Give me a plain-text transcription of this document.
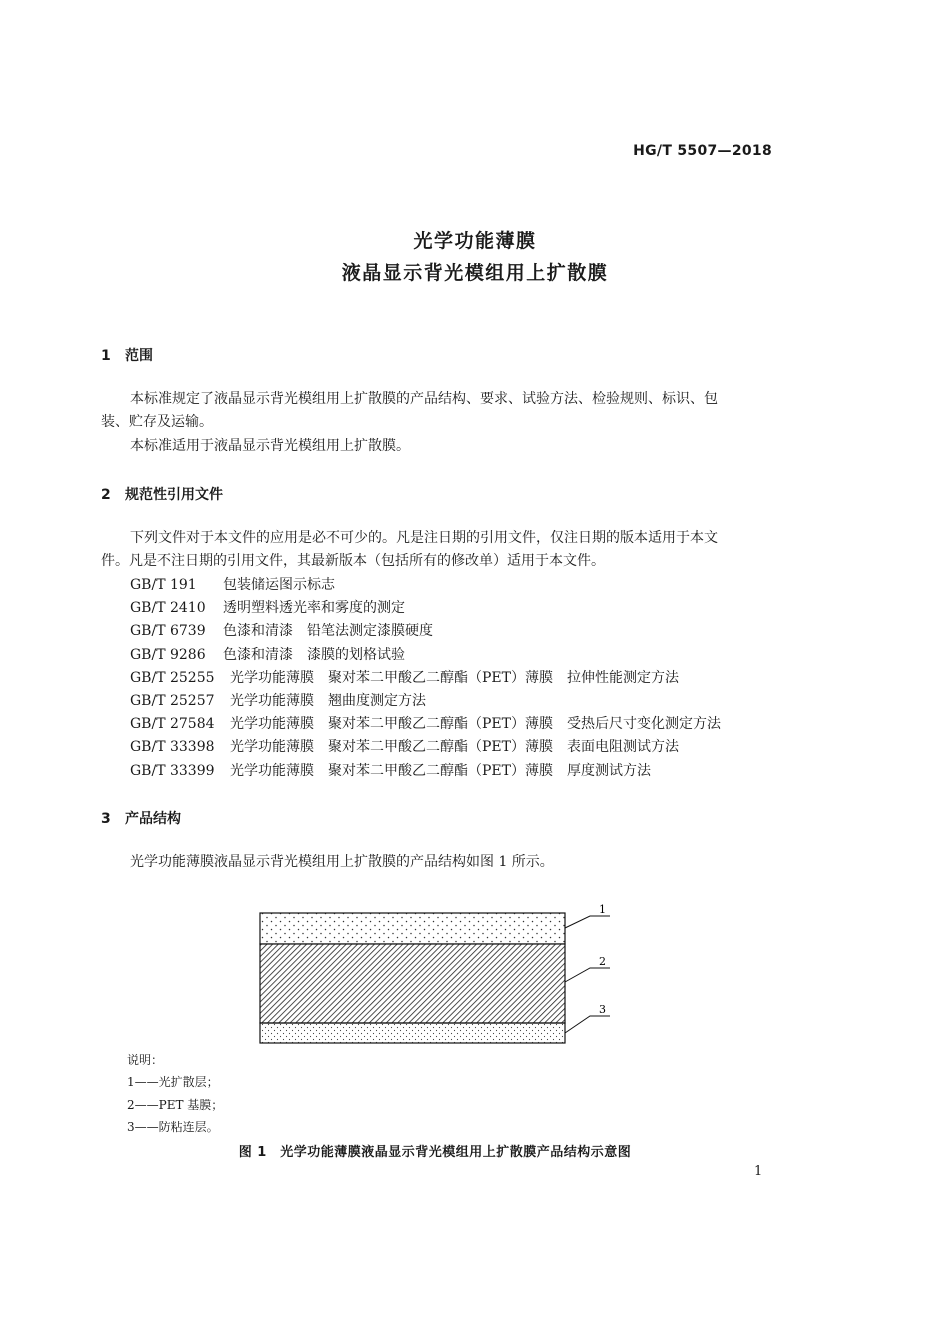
HG/T 5507—2018
光学功能薄膜
液晶显示背光模组用上扩散膜
1 范围
本标准规定了液晶显示背光模组用上扩散膜的产品结构、要求、试验方法、检验规则、标识、包
装、贮存及运输。
本标准适用于液晶显示背光模组用上扩散膜。
2 规范性引用文件
下列文件对于本文件的应用是必不可少的。凡是注日期的引用文件，仅注日期的版本适用于本文
件。凡是不注日期的引用文件，其最新版本（包括所有的修改单）适用于本文件。
GB/T 191 包装储运图示标志
GB/T 2410 透明塑料透光率和雾度的测定
GB/T 6739 色漆和清漆 铅笔法测定漆膜硬度
GB/T 9286 色漆和清漆 漆膜的划格试验
GB/T 25255 光学功能薄膜 聚对苯二甲酸乙二醇酯（PET）薄膜 拉伸性能测定方法
GB/T 25257 光学功能薄膜 翘曲度测定方法
GB/T 27584 光学功能薄膜 聚对苯二甲酸乙二醇酯（PET）薄膜 受热后尺寸变化测定方法
GB/T 33398 光学功能薄膜 聚对苯二甲酸乙二醇酯（PET）薄膜 表面电阻测试方法
GB/T 33399 光学功能薄膜 聚对苯二甲酸乙二醇酯（PET）薄膜 厚度测试方法
3 产品结构
光学功能薄膜液晶显示背光模组用上扩散膜的产品结构如图 1 所示。
1
2
3
说明：
1——光扩散层；
2——PET 基膜；
3——防粘连层。
图 1　光学功能薄膜液晶显示背光模组用上扩散膜产品结构示意图
1
